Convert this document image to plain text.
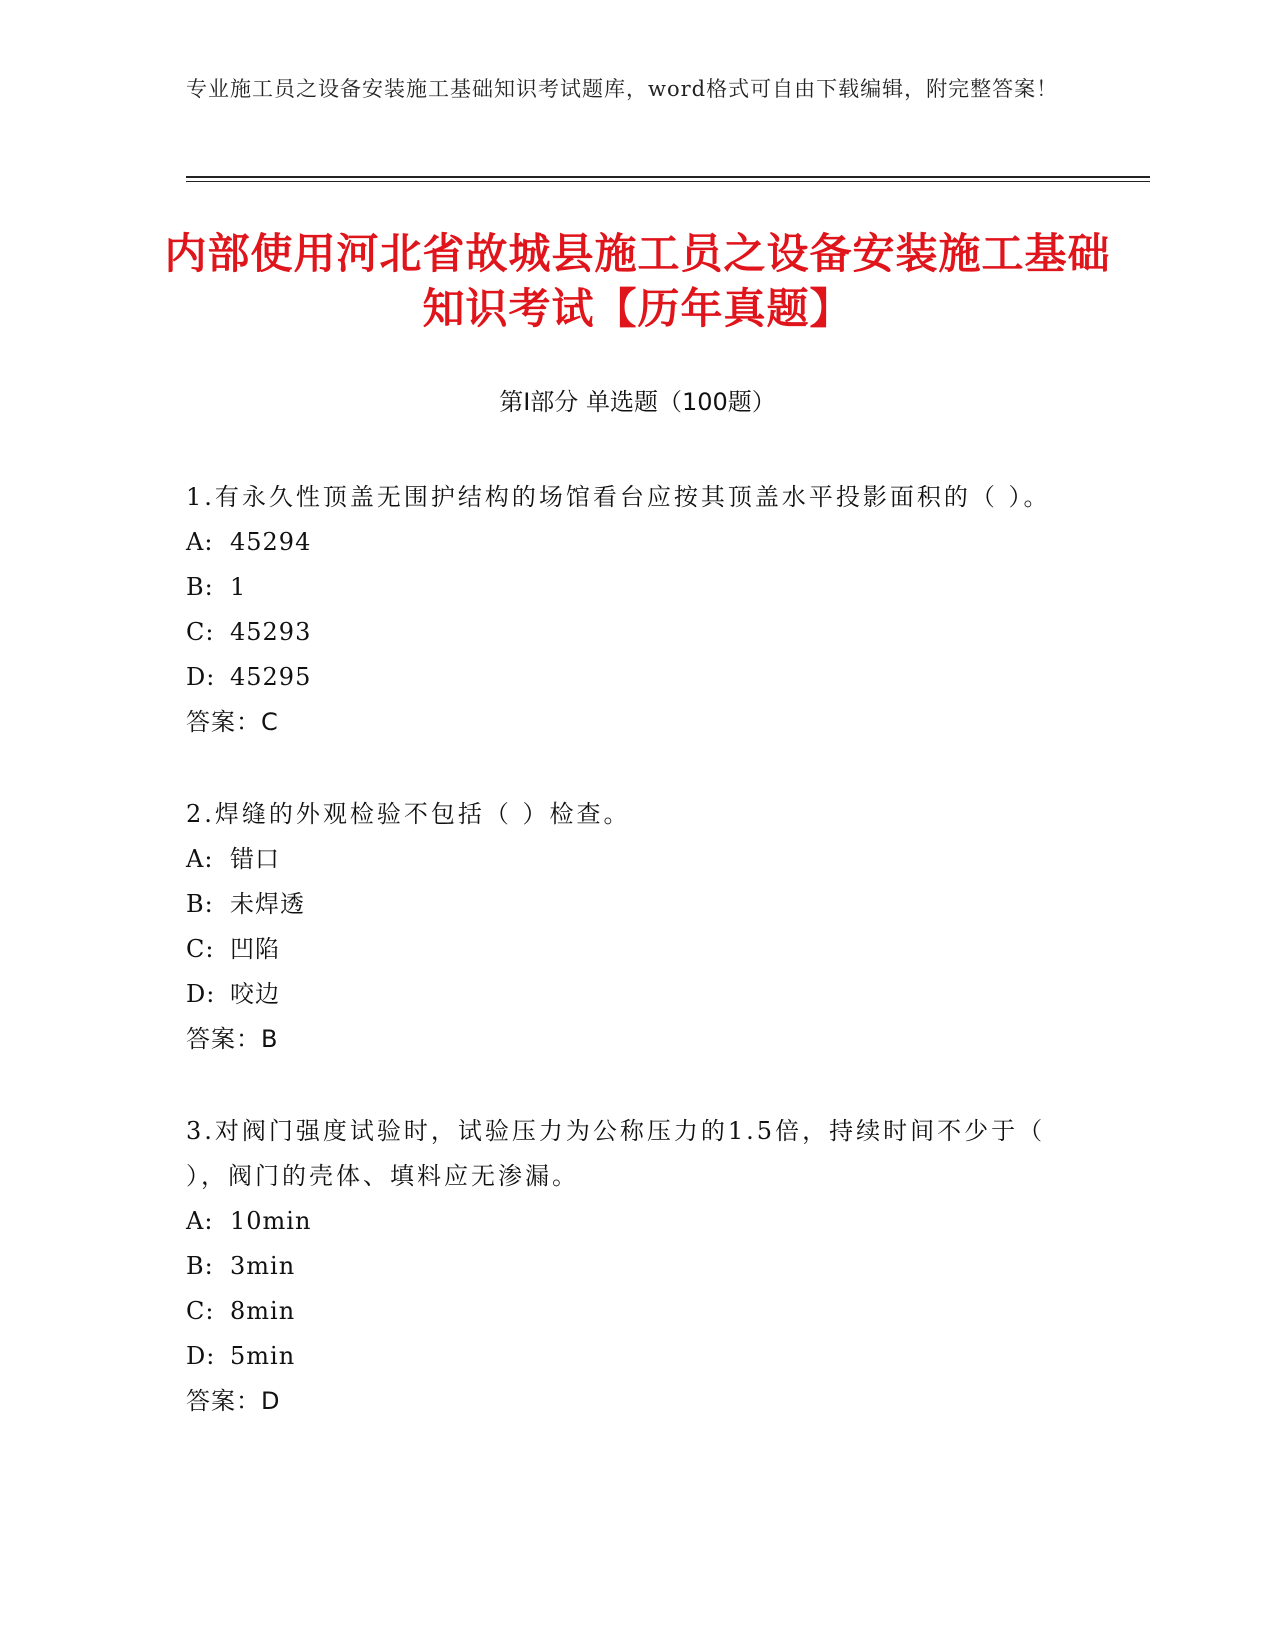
专业施工员之设备安装施工基础知识考试题库，word格式可自由下载编辑，附完整答案！
内部使用河北省故城县施工员之设备安装施工基础知识考试【历年真题】
第Ⅰ部分 单选题（100题）
1.有永久性顶盖无围护结构的场馆看台应按其顶盖水平投影面积的（ ）。
A: 45294
B: 1
C: 45293
D: 45295
答案：C
2.焊缝的外观检验不包括（ ）检查。
A: 错口
B: 未焊透
C: 凹陷
D: 咬边
答案：B
3.对阀门强度试验时，试验压力为公称压力的1.5倍，持续时间不少于（ ），阀门的壳体、填料应无渗漏。
A: 10min
B: 3min
C: 8min
D: 5min
答案：D
